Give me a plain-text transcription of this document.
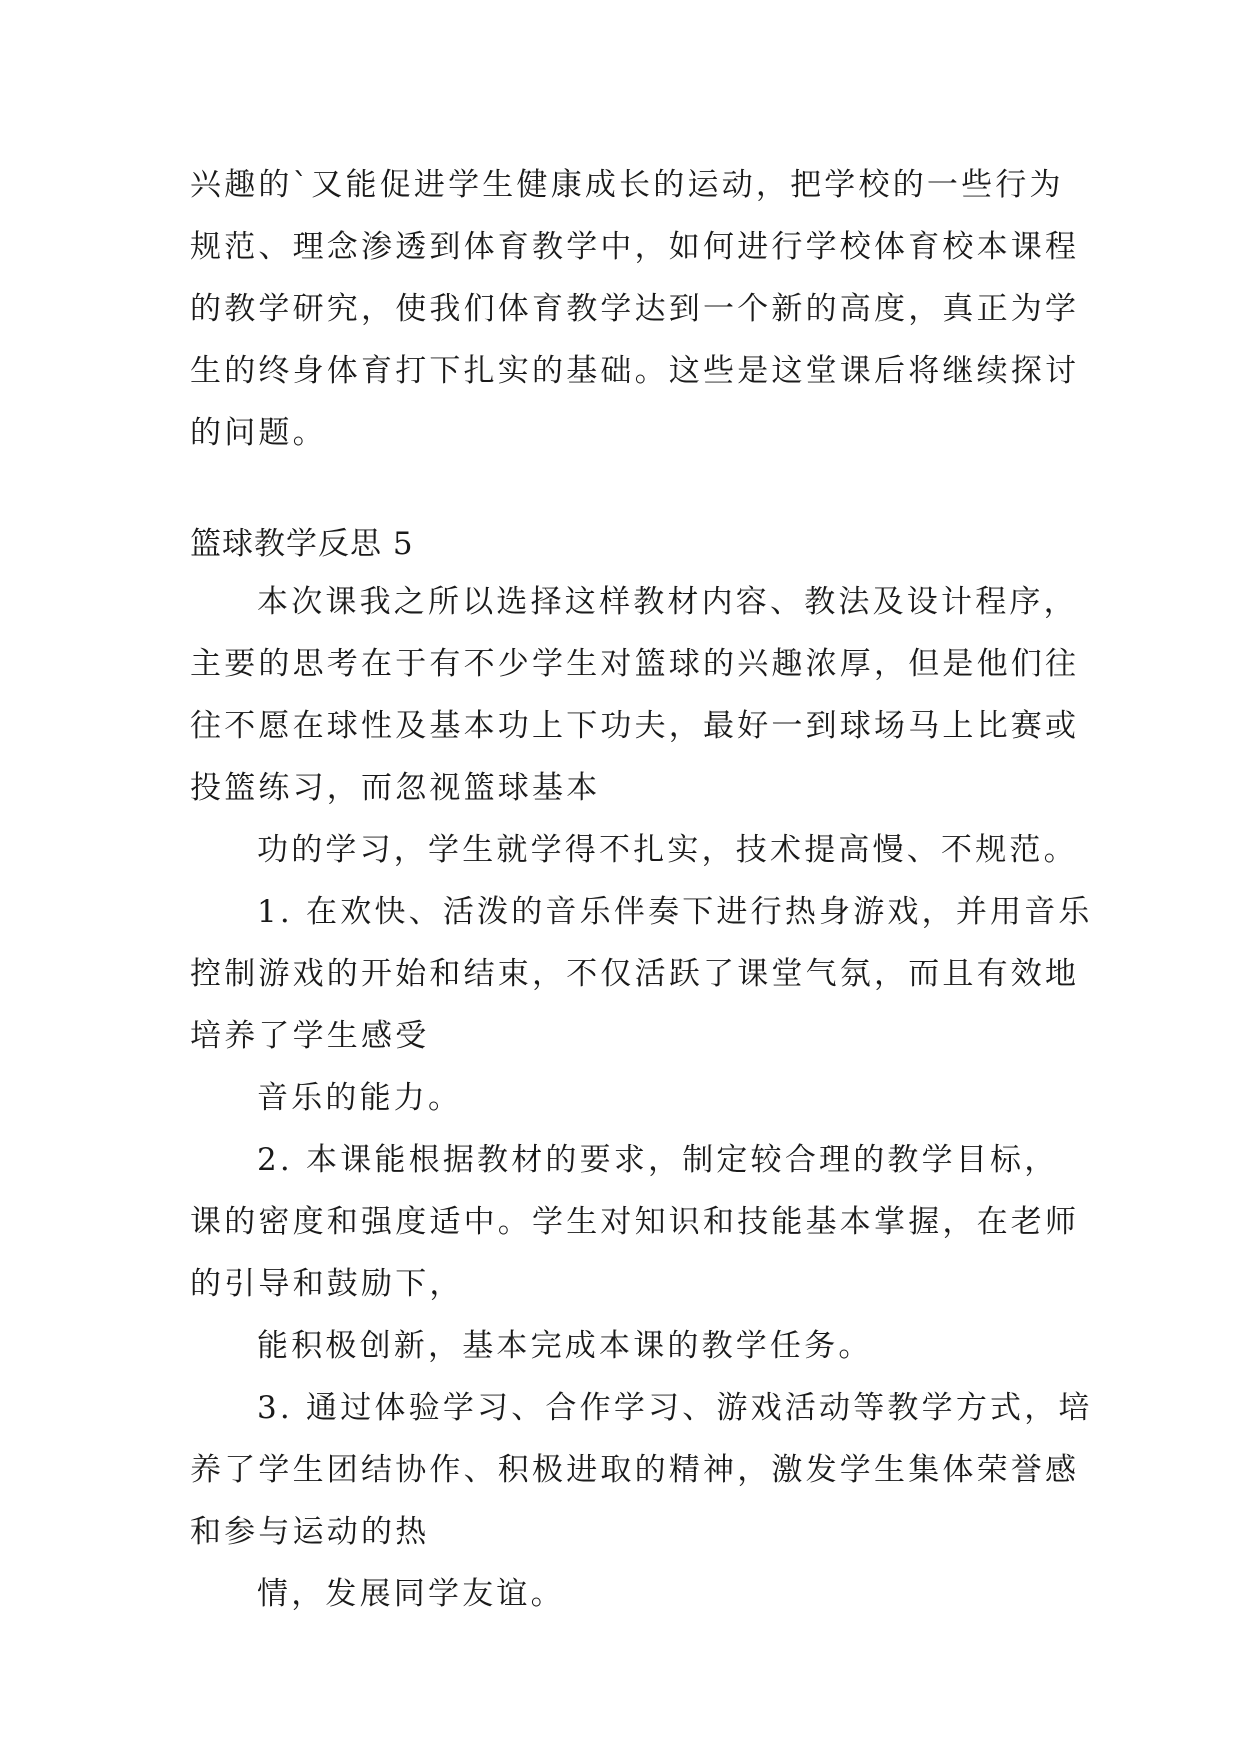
兴趣的`又能促进学生健康成长的运动，把学校的一些行为
规范、理念渗透到体育教学中，如何进行学校体育校本课程
的教学研究，使我们体育教学达到一个新的高度，真正为学
生的终身体育打下扎实的基础。这些是这堂课后将继续探讨
的问题。
篮球教学反思 5
本次课我之所以选择这样教材内容、教法及设计程序，
主要的思考在于有不少学生对篮球的兴趣浓厚，但是他们往
往不愿在球性及基本功上下功夫，最好一到球场马上比赛或
投篮练习，而忽视篮球基本
功的学习，学生就学得不扎实，技术提高慢、不规范。
1. 在欢快、活泼的音乐伴奏下进行热身游戏，并用音乐
控制游戏的开始和结束，不仅活跃了课堂气氛，而且有效地
培养了学生感受
音乐的能力。
2. 本课能根据教材的要求，制定较合理的教学目标，
课的密度和强度适中。学生对知识和技能基本掌握，在老师
的引导和鼓励下，
能积极创新，基本完成本课的教学任务。
3. 通过体验学习、合作学习、游戏活动等教学方式，培
养了学生团结协作、积极进取的精神，激发学生集体荣誉感
和参与运动的热
情，发展同学友谊。
